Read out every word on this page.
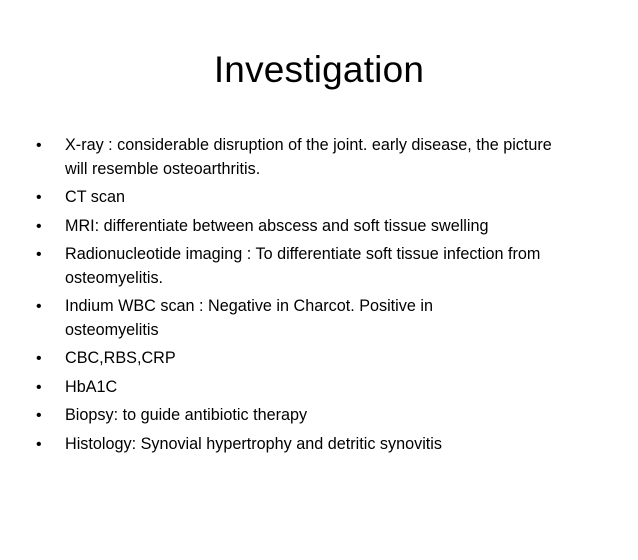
Investigation
• X-ray : considerable disruption of the joint. early disease, the picture
will resemble osteoarthritis.
• CT scan
• MRI: differentiate between abscess and soft tissue swelling
• Radionucleotide imaging : To differentiate soft tissue infection from
osteomyelitis.
• Indium WBC scan : Negative in Charcot. Positive in
osteomyelitis
• CBC,RBS,CRP
• HbA1C
• Biopsy: to guide antibiotic therapy
• Histology: Synovial hypertrophy and detritic synovitis
